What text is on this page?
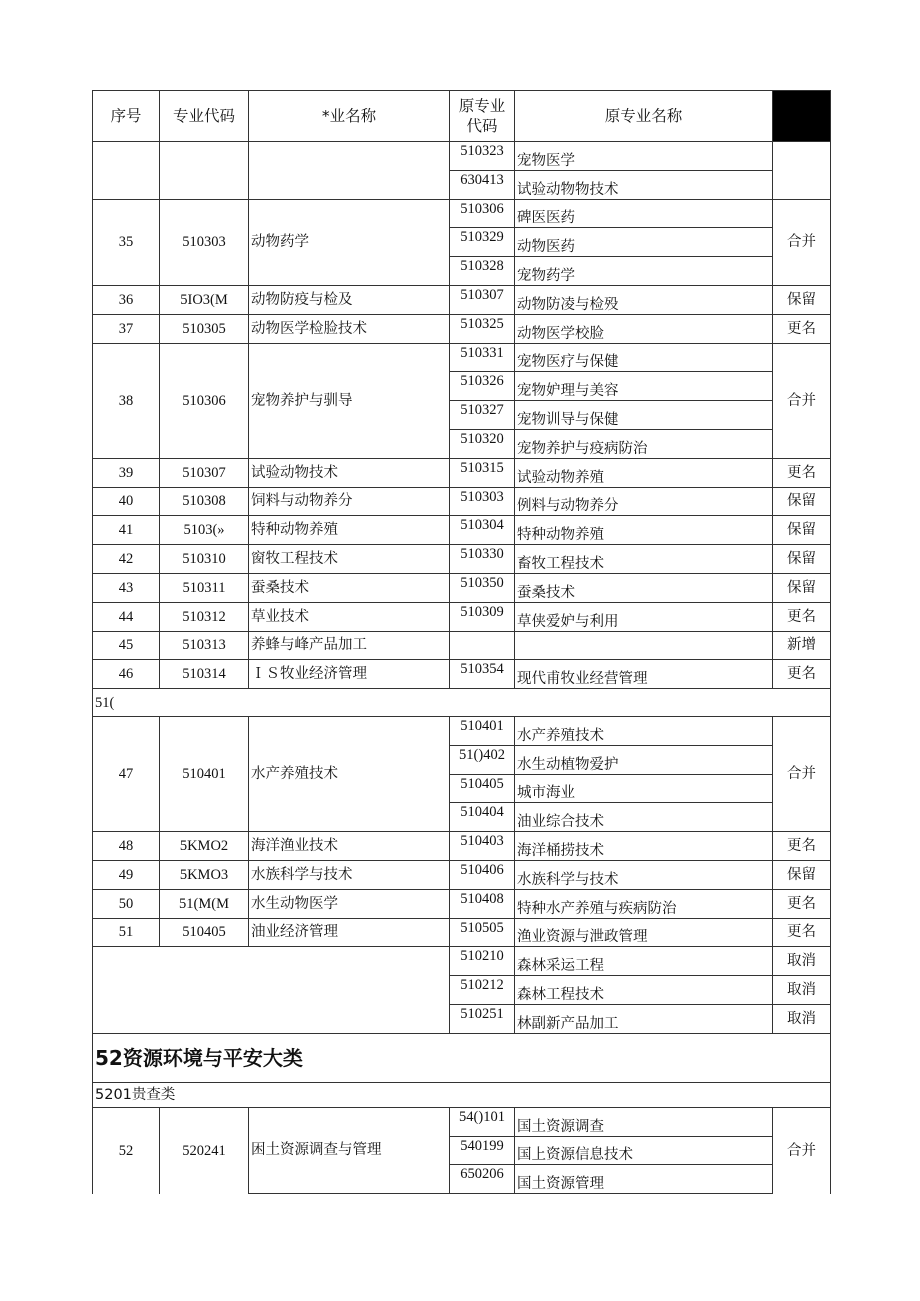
序号	专业代码	*业名称	原专业代码	原专业名称	
			510323	宠物医学	
			630413	试验动物物技术	
35	510303	动物药学	510306	碑医医药	合并
			510329	动物医药	
			510328	宠物药学	
36	5IO3(M	动物防疫与检及	510307	动物防凌与检殁	保留
37	510305	动物医学检脸技术	510325	动物医学校脸	更名
38	510306	宠物养护与驯导	510331	宠物医疗与保健	合并
			510326	宠物妒理与美容	
			510327	宠物训导与保健	
			510320	宠物养护与疫病防治	
39	510307	试验动物技术	510315	试验动物养殖	更名
40	510308	饲料与动物养分	510303	例料与动物养分	保留
41	5103(»	特种动物养殖	510304	特种动物养殖	保留
42	510310	窗牧工程技术	510330	畜牧工程技术	保留
43	510311	蚕桑技术	510350	蚕桑技术	保留
44	510312	草业技术	510309	草侠爱妒与利用	更名
45	510313	养蜂与峰产品加工			新增
46	510314	ＩＳ牧业经济管理	510354	现代甫牧业经营管理	更名
51(					
47	510401	水产养殖技术	510401	水产养殖技术	合并
			51()402	水生动植物爱护	
			510405	城市海业	
			510404	油业综合技术	
48	5KMO2	海洋渔业技术	510403	海洋桶捞技术	更名
49	5KMO3	水族科学与技术	510406	水族科学与技术	保留
50	51(M(M	水生动物医学	510408	特种水产养殖与疾病防治	更名
51	510405	油业经济管理	510505	渔业资源与泄政管理	更名
			510210	森林采运工程	取消
			510212	森林工程技术	取消
			510251	林副新产品加工	取消
52资源环境与平安大类					
5201贵查类					
52	520241	困土资源调查与管理	54()101	国土资源调查	合并
			540199	国上资源信息技术	
			650206	国土资源管理	
